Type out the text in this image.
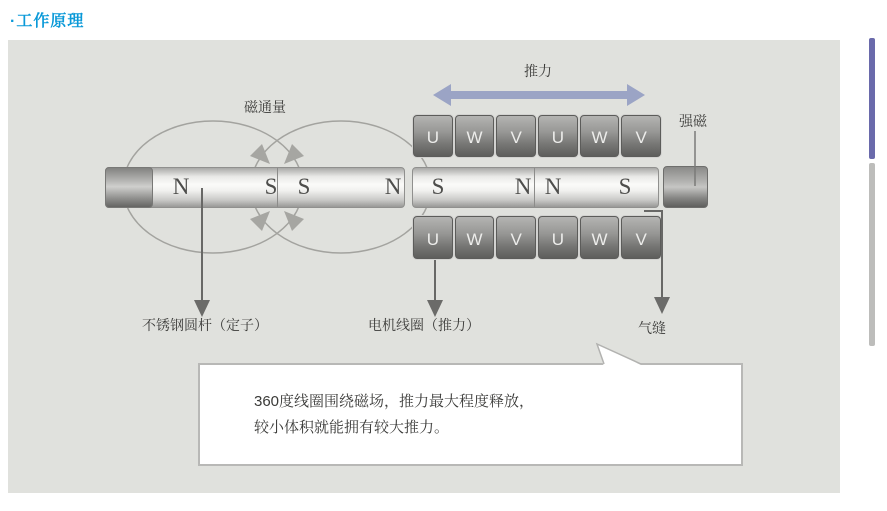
·工作原理
N	S S	N S	N N S
U	W	V	U	W	V
U	W	V	U	W	V
360度线圈围绕磁场，推力最大程度释放，
较小体积就能拥有较大推力。
磁通量
推力
强磁
不锈钢圆杆（定子）	电机线圈（推力）	气缝
